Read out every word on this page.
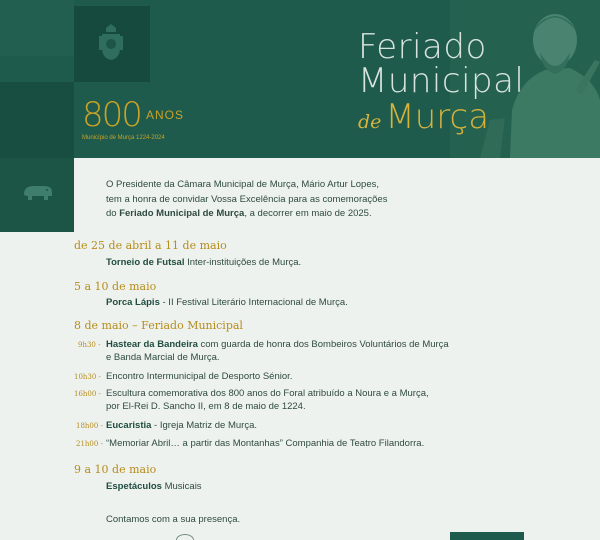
800 ANOS
Município de Murça 1224-2024
Feriado
Municipal
de Murça
O Presidente da Câmara Municipal de Murça, Mário Artur Lopes,
tem a honra de convidar Vossa Excelência para as comemorações
do Feriado Municipal de Murça, a decorrer em maio de 2025.
de 25 de abril a 11 de maio
Torneio de Futsal Inter-instituições de Murça.
5 a 10 de maio
Porca Lápis - II Festival Literário Internacional de Murça.
8 de maio – Feriado Municipal
9h30 - Hastear da Bandeira com guarda de honra dos Bombeiros Voluntários de Murça
e Banda Marcial de Murça.
10h30 - Encontro Intermunicipal de Desporto Sénior.
16h00 - Escultura comemorativa dos 800 anos do Foral atribuído a Noura e a Murça,
por El-Rei D. Sancho II, em 8 de maio de 1224.
18h00 - Eucaristia - Igreja Matriz de Murça.
21h00 - “Memoriar Abril… a partir das Montanhas” Companhia de Teatro Filandorra.
9 a 10 de maio
Espetáculos Musicais
Contamos com a sua presença.
